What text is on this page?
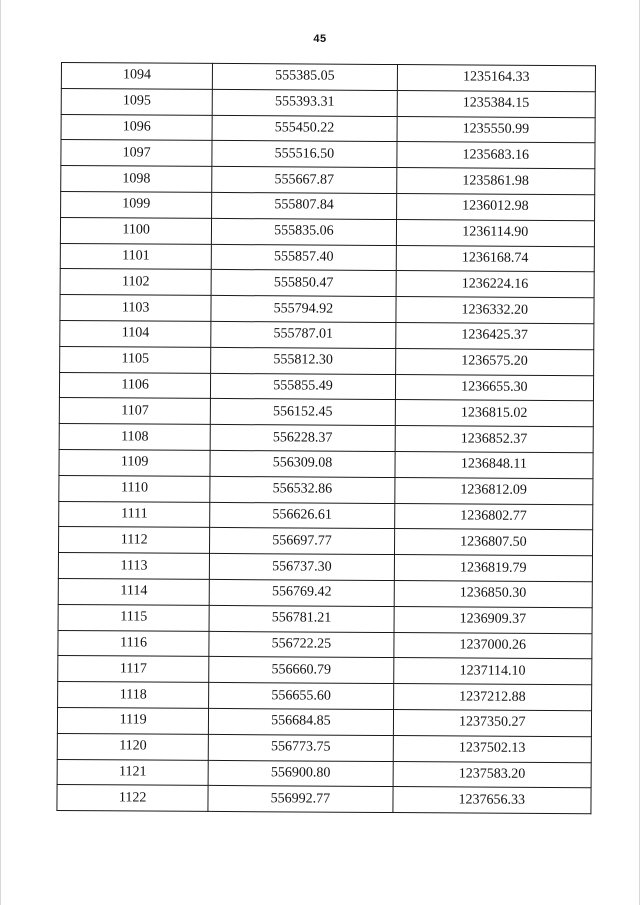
45
1094	555385.05	1235164.33
1095	555393.31	1235384.15
1096	555450.22	1235550.99
1097	555516.50	1235683.16
1098	555667.87	1235861.98
1099	555807.84	1236012.98
1100	555835.06	1236114.90
1101	555857.40	1236168.74
1102	555850.47	1236224.16
1103	555794.92	1236332.20
1104	555787.01	1236425.37
1105	555812.30	1236575.20
1106	555855.49	1236655.30
1107	556152.45	1236815.02
1108	556228.37	1236852.37
1109	556309.08	1236848.11
1110	556532.86	1236812.09
1111	556626.61	1236802.77
1112	556697.77	1236807.50
1113	556737.30	1236819.79
1114	556769.42	1236850.30
1115	556781.21	1236909.37
1116	556722.25	1237000.26
1117	556660.79	1237114.10
1118	556655.60	1237212.88
1119	556684.85	1237350.27
1120	556773.75	1237502.13
1121	556900.80	1237583.20
1122	556992.77	1237656.33
